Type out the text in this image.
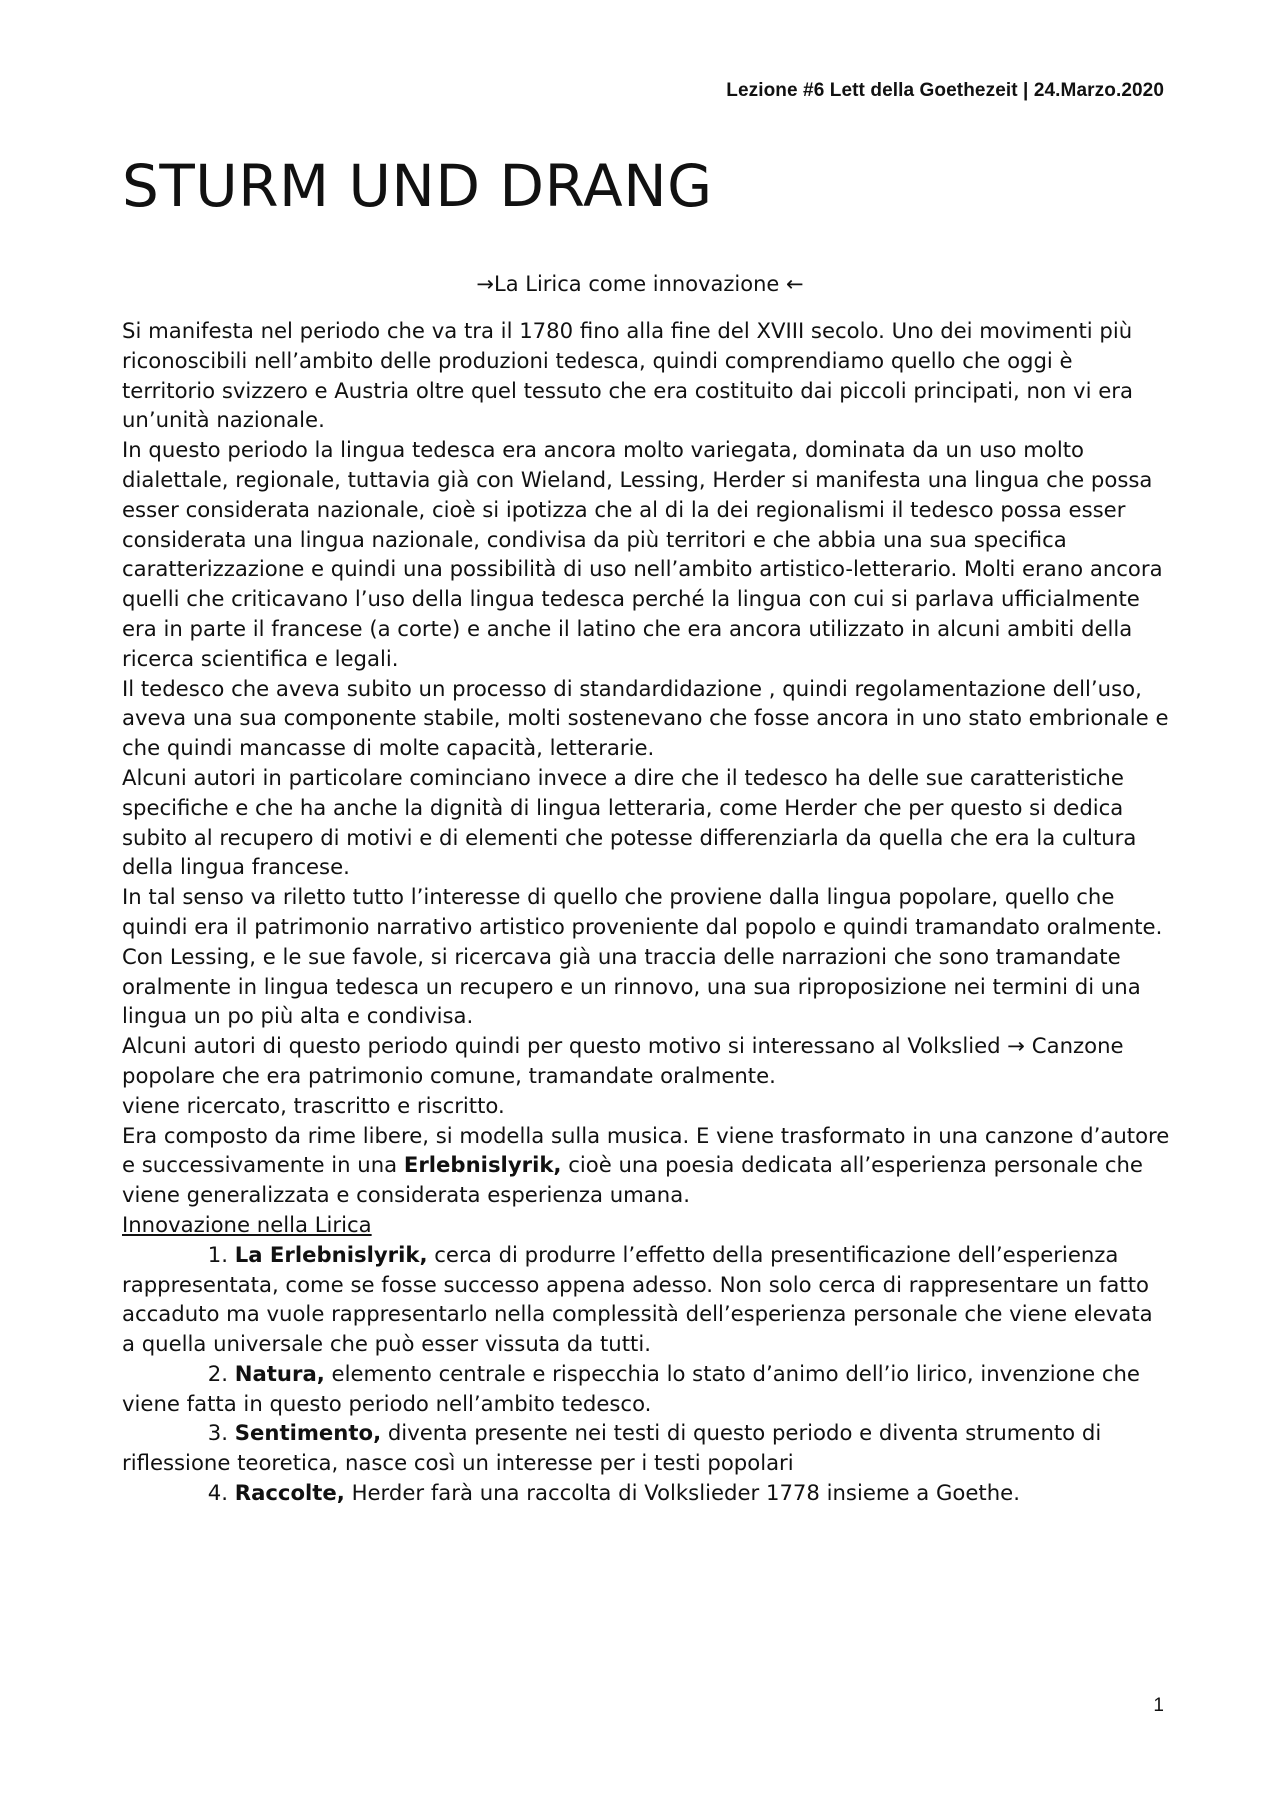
Lezione #6 Lett della Goethezeit | 24.Marzo.2020
STURM UND DRANG
→La Lirica come innovazione ←

Si manifesta nel periodo che va tra il 1780 fino alla fine del XVIII secolo. Uno dei movimenti più riconoscibili nell’ambito delle produzioni tedesca, quindi comprendiamo quello che oggi è territorio svizzero e Austria oltre quel tessuto che era costituito dai piccoli principati, non vi era un’unità nazionale.

In questo periodo la lingua tedesca era ancora molto variegata, dominata da un uso molto dialettale, regionale, tuttavia già con Wieland, Lessing, Herder si manifesta una lingua che possa esser considerata nazionale, cioè si ipotizza che al di la dei regionalismi il tedesco possa esser considerata una lingua nazionale, condivisa da più territori e che abbia una sua specifica caratterizzazione e quindi una possibilità di uso nell’ambito artistico-letterario. Molti erano ancora quelli che criticavano l’uso della lingua tedesca perché la lingua con cui si parlava ufficialmente era in parte il francese (a corte) e anche il latino che era ancora utilizzato in alcuni ambiti della ricerca scientifica e legali.

Il tedesco che aveva subito un processo di standardidazione , quindi regolamentazione dell’uso, aveva una sua componente stabile, molti sostenevano che fosse ancora in uno stato embrionale e che quindi mancasse di molte capacità, letterarie.

Alcuni autori in particolare cominciano invece a dire che il tedesco ha delle sue caratteristiche specifiche e che ha anche la dignità di lingua letteraria, come Herder che per questo si dedica subito al recupero di motivi e di elementi che potesse differenziarla da quella che era la cultura della lingua francese.

In tal senso va riletto tutto l’interesse di quello che proviene dalla lingua popolare, quello che quindi era il patrimonio narrativo artistico proveniente dal popolo e quindi tramandato oralmente.

Con Lessing, e le sue favole, si ricercava già una traccia delle narrazioni che sono tramandate oralmente in lingua tedesca un recupero e un rinnovo, una sua riproposizione nei termini di una lingua un po più alta e condivisa.

Alcuni autori di questo periodo quindi per questo motivo si interessano al Volkslied → Canzone popolare che era patrimonio comune, tramandate oralmente.

viene ricercato, trascritto e riscritto.

Era composto da rime libere, si modella sulla musica. E viene trasformato in una canzone d’autore e successivamente in una Erlebnislyrik, cioè una poesia dedicata all’esperienza personale che viene generalizzata e considerata esperienza umana.

Innovazione nella Lirica

1. La Erlebnislyrik, cerca di produrre l’effetto della presentificazione dell’esperienza rappresentata, come se fosse successo appena adesso. Non solo cerca di rappresentare un fatto accaduto ma vuole rappresentarlo nella complessità dell’esperienza personale che viene elevata a quella universale che può esser vissuta da tutti.

2. Natura, elemento centrale e rispecchia lo stato d’animo dell’io lirico, invenzione che viene fatta in questo periodo nell’ambito tedesco.

3. Sentimento, diventa presente nei testi di questo periodo e diventa strumento di riflessione teoretica, nasce così un interesse per i testi popolari

4. Raccolte, Herder farà una raccolta di Volkslieder 1778 insieme a Goethe.

1
